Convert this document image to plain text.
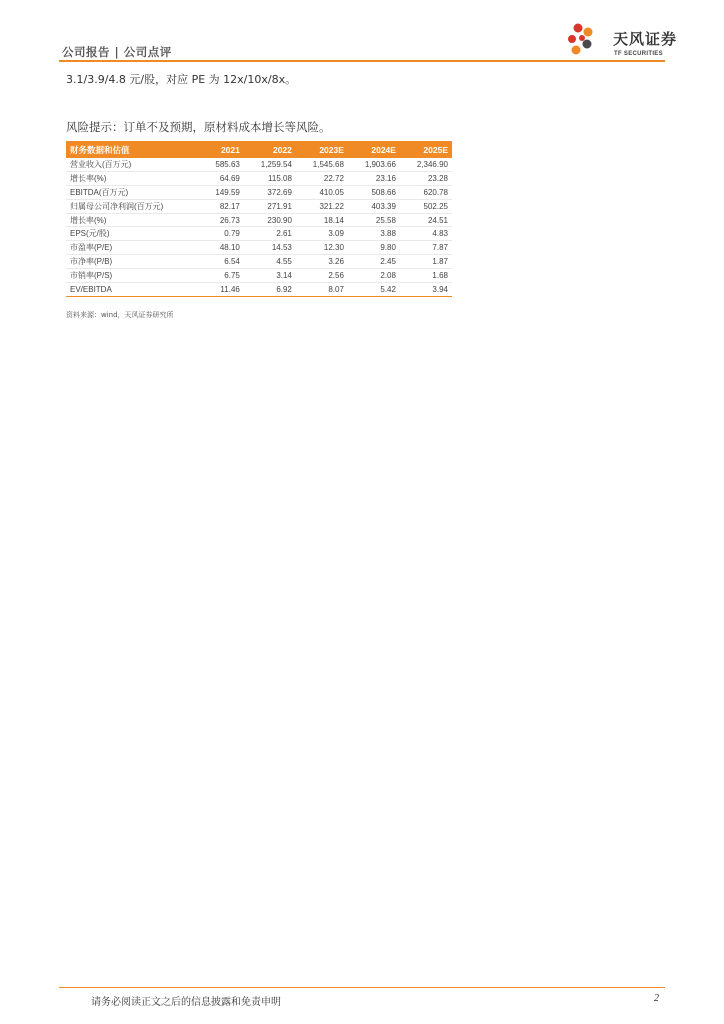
公司报告 | 公司点评
天风证券
TF SECURITIES
3.1/3.9/4.8 元/股，对应 PE 为 12x/10x/8x。
风险提示：订单不及预期，原材料成本增长等风险。
财务数据和估值	2021	2022	2023E	2024E	2025E
营业收入(百万元)	585.63	1,259.54	1,545.68	1,903.66	2,346.90
增长率(%)	64.69	115.08	22.72	23.16	23.28
EBITDA(百万元)	149.59	372.69	410.05	508.66	620.78
归属母公司净利润(百万元)	82.17	271.91	321.22	403.39	502.25
增长率(%)	26.73	230.90	18.14	25.58	24.51
EPS(元/股)	0.79	2.61	3.09	3.88	4.83
市盈率(P/E)	48.10	14.53	12.30	9.80	7.87
市净率(P/B)	6.54	4.55	3.26	2.45	1.87
市销率(P/S)	6.75	3.14	2.56	2.08	1.68
EV/EBITDA	11.46	6.92	8.07	5.42	3.94
资料来源：wind，天风证券研究所
请务必阅读正文之后的信息披露和免责申明	2
